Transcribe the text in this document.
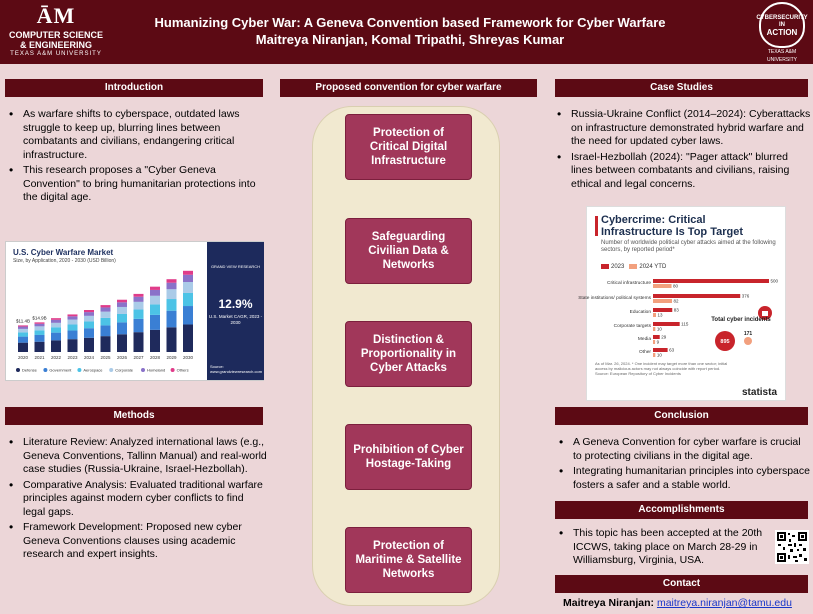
ĀM
COMPUTER SCIENCE
& ENGINEERING
TEXAS A&M UNIVERSITY
Humanizing Cyber War: A Geneva Convention based Framework for Cyber Warfare
Maitreya Niranjan, Komal Tripathi, Shreyas Kumar
CYBERSECURITY
IN
ACTION
TEXAS A&M UNIVERSITY
Introduction
• As warfare shifts to cyberspace, outdated laws struggle to keep up, blurring lines between combatants and civilians, endangering critical infrastructure.
• This research proposes a "Cyber Geneva Convention" to bring humanitarian protections into the digital age.
U.S. Cyber Warfare Market
Size, by Application, 2020 - 2030 (USD Billion)
2020 2021 2022 2023 2024 2025 2026 2027 2028 2029 2030
$11.4B
$14.9B
Defense	Government	Aerospace	Corporate	Homeland	Others
GRAND VIEW RESEARCH
12.9%
U.S. Market CAGR, 2023 - 2030
Source: www.grandviewresearch.com
Methods
• Literature Review: Analyzed international laws (e.g., Geneva Conventions, Tallinn Manual) and real-world case studies (Russia-Ukraine, Israel-Hezbollah).
• Comparative Analysis: Evaluated traditional warfare principles against modern cyber conflicts to find legal gaps.
• Framework Development: Proposed new cyber Geneva Conventions clauses using academic research and expert insights.
Proposed convention for cyber warfare
Protection of Critical Digital Infrastructure
Safeguarding Civilian Data & Networks
Distinction & Proportionality in Cyber Attacks
Prohibition of Cyber Hostage-Taking
Protection of Maritime & Satellite Networks
Case Studies
• Russia-Ukraine Conflict (2014–2024): Cyberattacks on infrastructure demonstrated hybrid warfare and the need for updated cyber laws.
• Israel-Hezbollah (2024): "Pager attack" blurred lines between combatants and civilians, raising ethical and legal concerns.
Cybercrime: Critical
Infrastructure Is Top Target
Number of worldwide political cyber attacks aimed at the following sectors, by reported period*
2023	2024 YTD
Critical infrastructure	500
80
State institutions/ political systems	376
82
Education	83
13
Corporate targets	115
10
Media 29
9
Other	63
10
895
171
Total cyber incidents
As of Mar. 26, 2024. * One incident may target more than one sector; initial access by malicious actors may not always coincide with report period. Source: European Repository of Cyber Incidents
statista
Conclusion
• A Geneva Convention for cyber warfare is crucial to protecting civilians in the digital age.
• Integrating humanitarian principles into cyberspace fosters a safer and a stable world.
Accomplishments
• This topic has been accepted at the 20th ICCWS, taking place on March 28-29 in Williamsburg, Virginia, USA.
Contact
Maitreya Niranjan: maitreya.niranjan@tamu.edu
